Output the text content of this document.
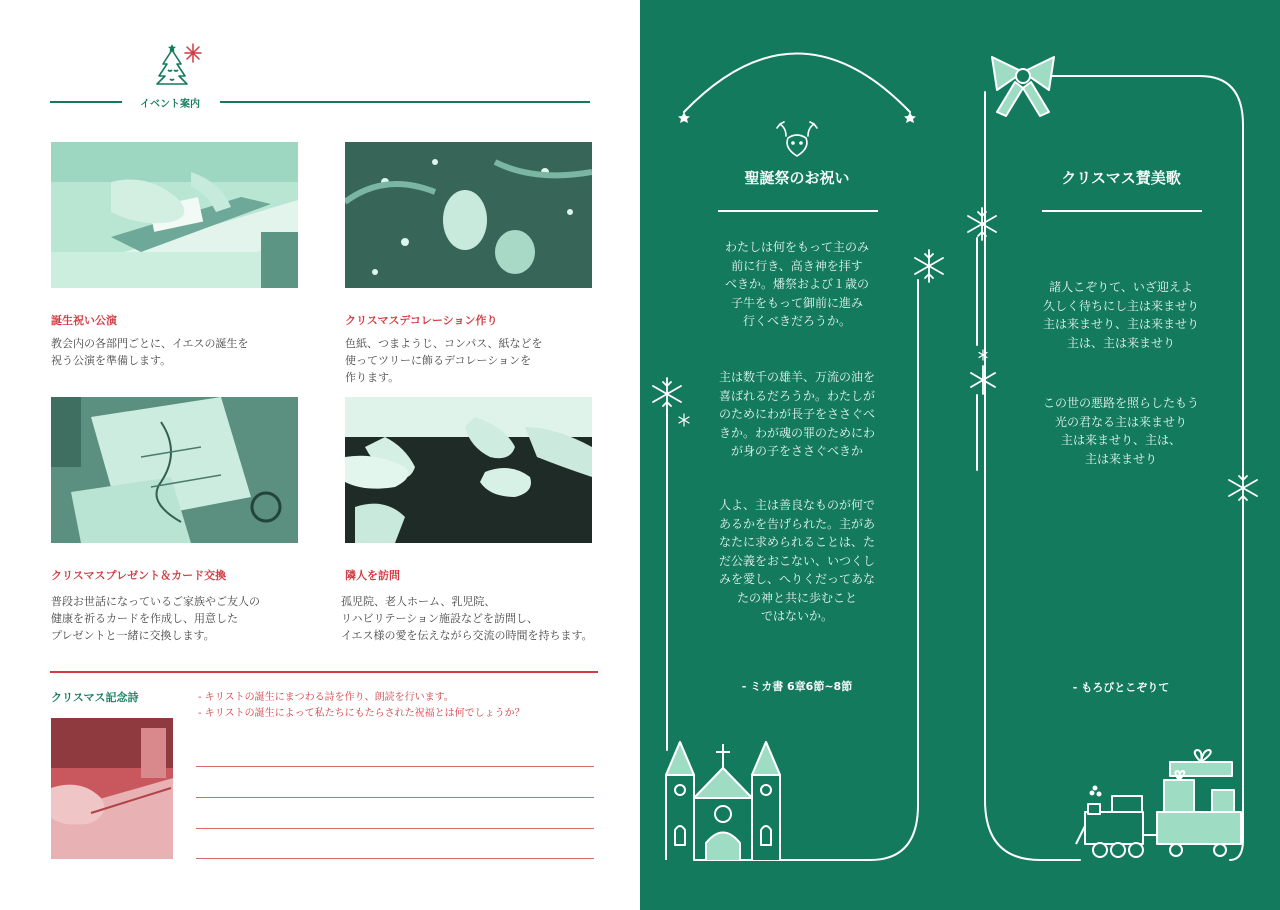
イベント案内
誕生祝い公演
教会内の各部門ごとに、イエスの誕生を
祝う公演を準備します。
クリスマスデコレーション作り
色紙、つまようじ、コンパス、紙などを
使ってツリーに飾るデコレーションを
作ります。
クリスマスプレゼント＆カード交換
普段お世話になっているご家族やご友人の
健康を祈るカードを作成し、用意した
プレゼントと一緒に交換します。
隣人を訪問
孤児院、老人ホーム、乳児院、
リハビリテーション施設などを訪問し、
イエス様の愛を伝えながら交流の時間を持ちます。
クリスマス記念詩	- キリストの誕生にまつわる詩を作り、朗読を行います。
- キリストの誕生によって私たちにもたらされた祝福とは何でしょうか？
聖誕祭のお祝い
わたしは何をもって主のみ
前に行き、高き神を拝す
べきか。燔祭および１歳の
子牛をもって御前に進み
行くべきだろうか。
主は数千の雄羊、万流の油を
喜ばれるだろうか。わたしが
のためにわが長子をささぐべ
きか。わが魂の罪のためにわ
が身の子をささぐべきか
人よ、主は善良なものが何で
あるかを告げられた。主があ
なたに求められることは、た
だ公義をおこない、いつくし
みを愛し、へりくだってあな
たの神と共に歩むこと
ではないか。
- ミカ書 6章6節~8節
クリスマス賛美歌
諸人こぞりて、いざ迎えよ
久しく待ちにし主は来ませり
主は来ませり、主は来ませり
主は、主は来ませり
この世の悪路を照らしたもう
光の君なる主は来ませり
主は来ませり、主は、
主は来ませり
- もろびとこぞりて
